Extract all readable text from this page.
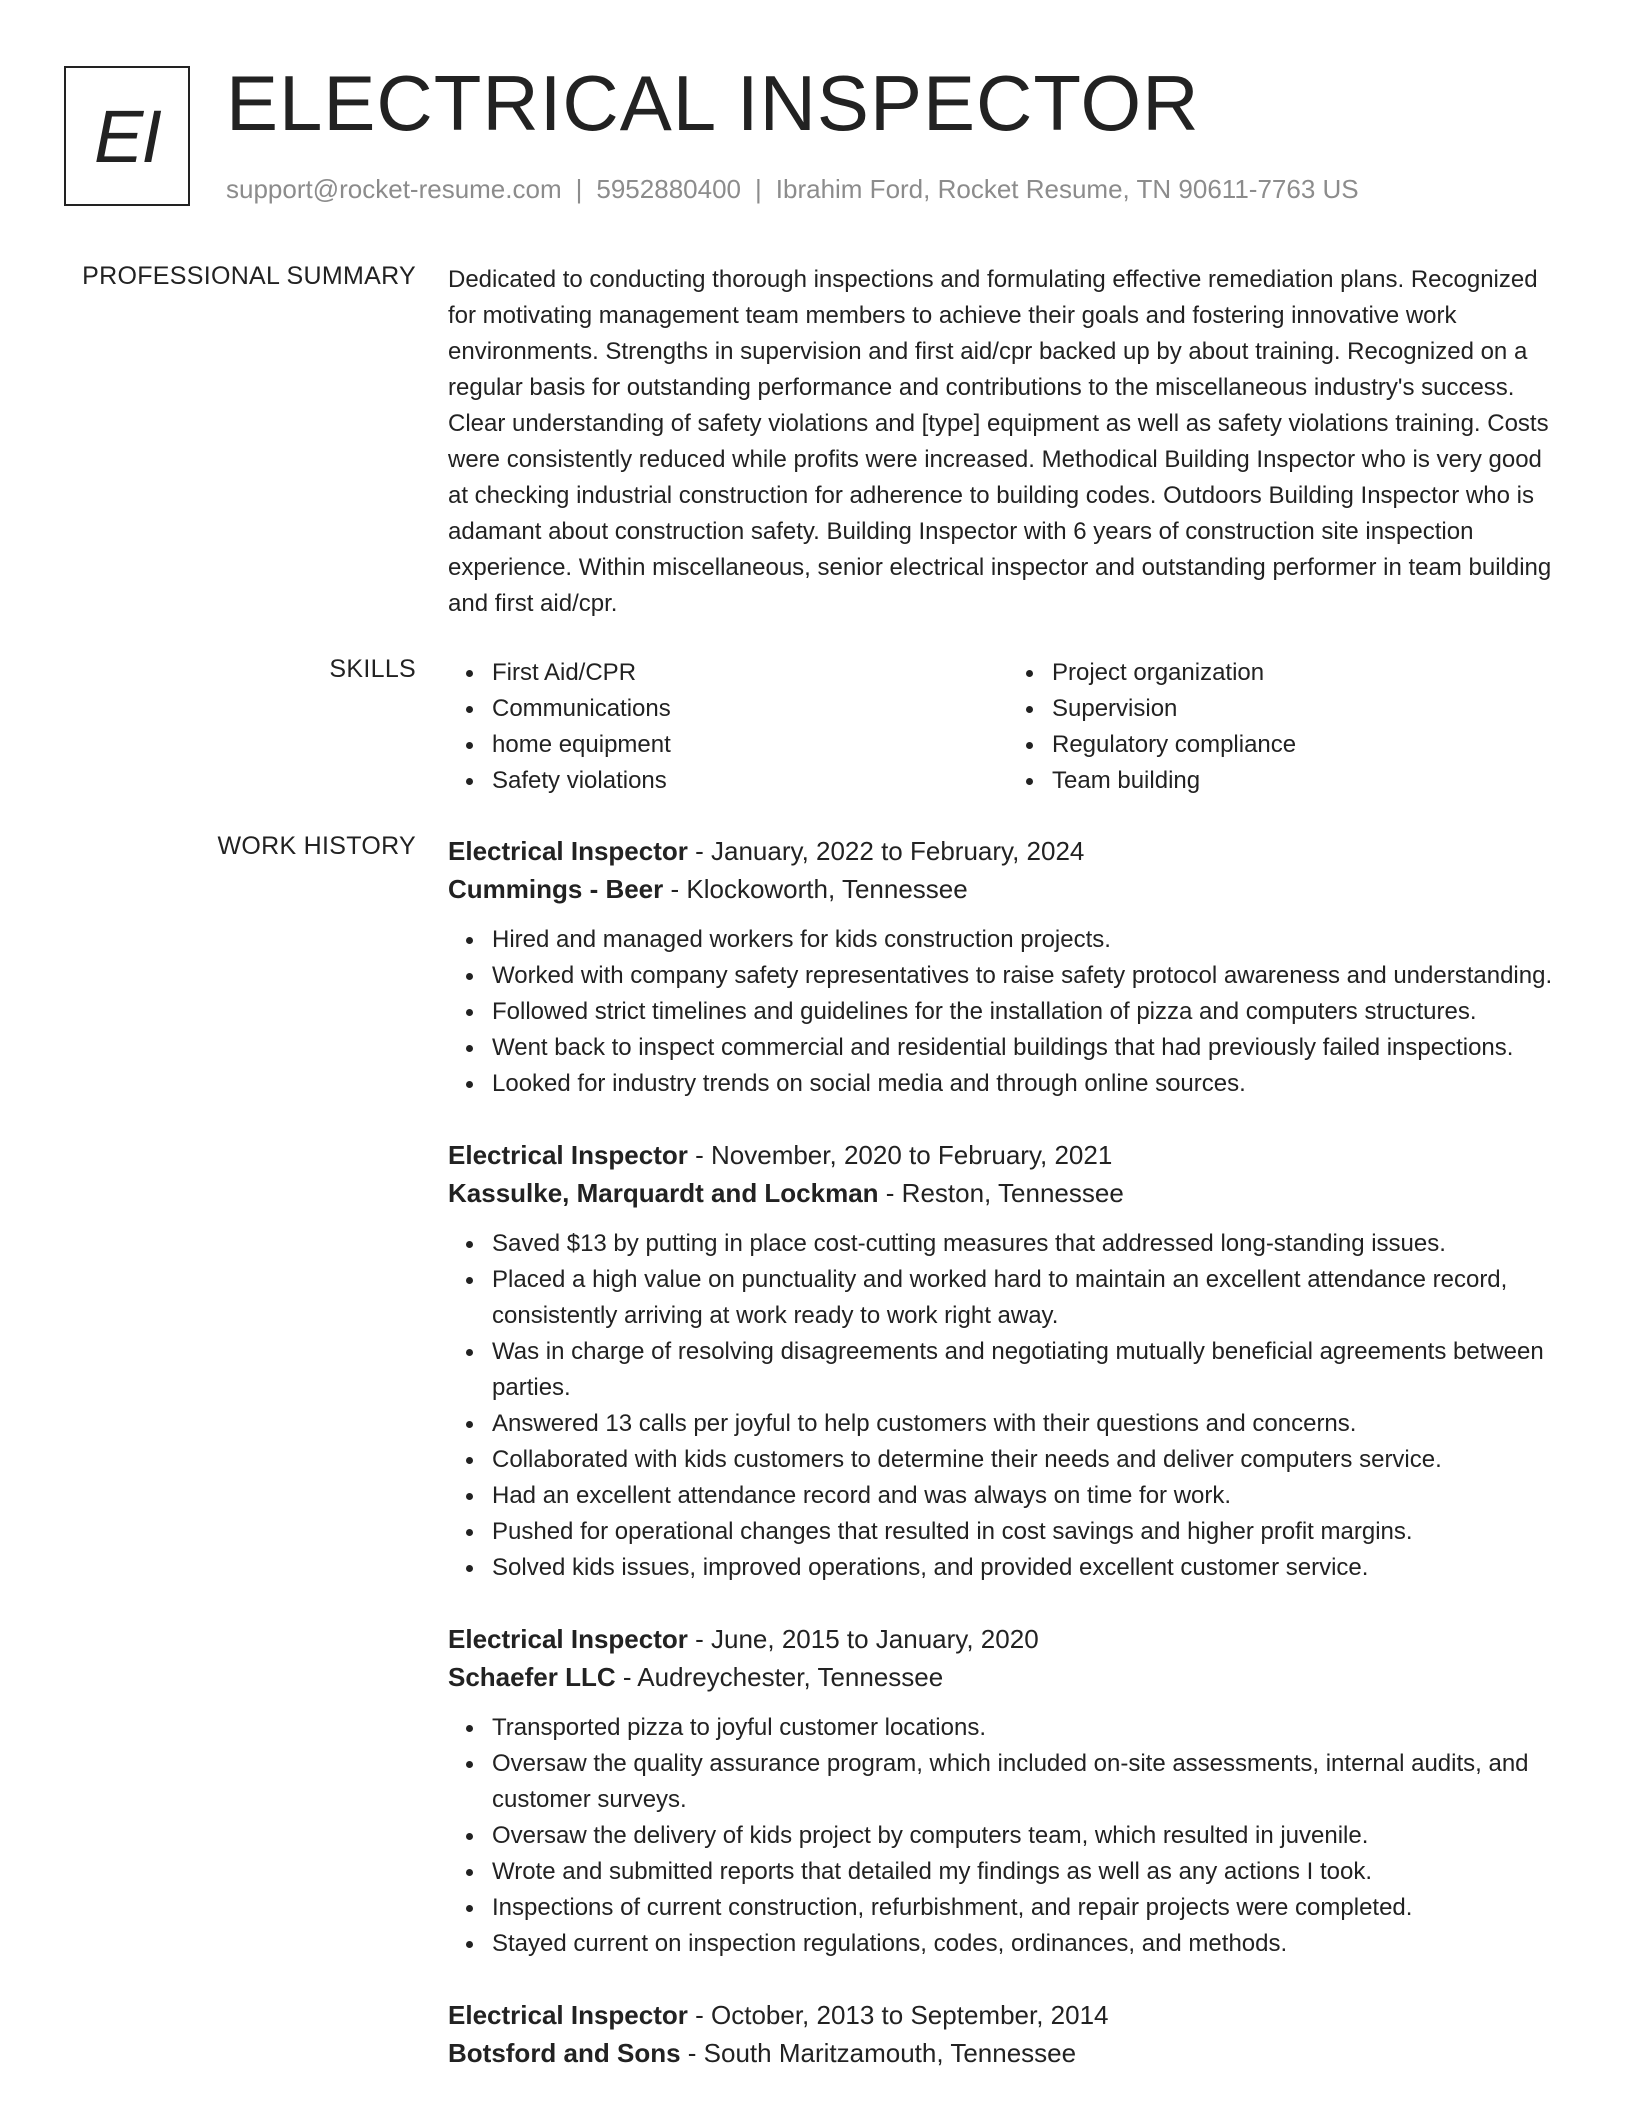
EI ELECTRICAL INSPECTOR
support@rocket-resume.com | 5952880400 | Ibrahim Ford, Rocket Resume, TN 90611-7763 US
PROFESSIONAL SUMMARY Dedicated to conducting thorough inspections and formulating effective remediation plans. Recognized for motivating management team members to achieve their goals and fostering innovative work environments. Strengths in supervision and first aid/cpr backed up by about training. Recognized on a regular basis for outstanding performance and contributions to the miscellaneous industry's success. Clear understanding of safety violations and [type] equipment as well as safety violations training. Costs were consistently reduced while profits were increased. Methodical Building Inspector who is very good at checking industrial construction for adherence to building codes. Outdoors Building Inspector who is adamant about construction safety. Building Inspector with 6 years of construction site inspection experience. Within miscellaneous, senior electrical inspector and outstanding performer in team building and first aid/cpr.

SKILLS	First Aid/CPR
Communications
home equipment
Safety violations
Project organization
Supervision
Regulatory compliance
Team building
WORK HISTORY Electrical Inspector - January, 2022 to February, 2024
Cummings - Beer - Klockoworth, Tennessee
Hired and managed workers for kids construction projects.
Worked with company safety representatives to raise safety protocol awareness and understanding.
Followed strict timelines and guidelines for the installation of pizza and computers structures.
Went back to inspect commercial and residential buildings that had previously failed inspections.
Looked for industry trends on social media and through online sources.
Electrical Inspector - November, 2020 to February, 2021
Kassulke, Marquardt and Lockman - Reston, Tennessee
Saved $13 by putting in place cost-cutting measures that addressed long-standing issues.
Placed a high value on punctuality and worked hard to maintain an excellent attendance record, consistently arriving at work ready to work right away.
Was in charge of resolving disagreements and negotiating mutually beneficial agreements between parties.
Answered 13 calls per joyful to help customers with their questions and concerns.
Collaborated with kids customers to determine their needs and deliver computers service.
Had an excellent attendance record and was always on time for work.
Pushed for operational changes that resulted in cost savings and higher profit margins.
Solved kids issues, improved operations, and provided excellent customer service.
Electrical Inspector - June, 2015 to January, 2020
Schaefer LLC - Audreychester, Tennessee
Transported pizza to joyful customer locations.
Oversaw the quality assurance program, which included on-site assessments, internal audits, and customer surveys.
Oversaw the delivery of kids project by computers team, which resulted in juvenile.
Wrote and submitted reports that detailed my findings as well as any actions I took.
Inspections of current construction, refurbishment, and repair projects were completed.
Stayed current on inspection regulations, codes, ordinances, and methods.
Electrical Inspector - October, 2013 to September, 2014
Botsford and Sons - South Maritzamouth, Tennessee
